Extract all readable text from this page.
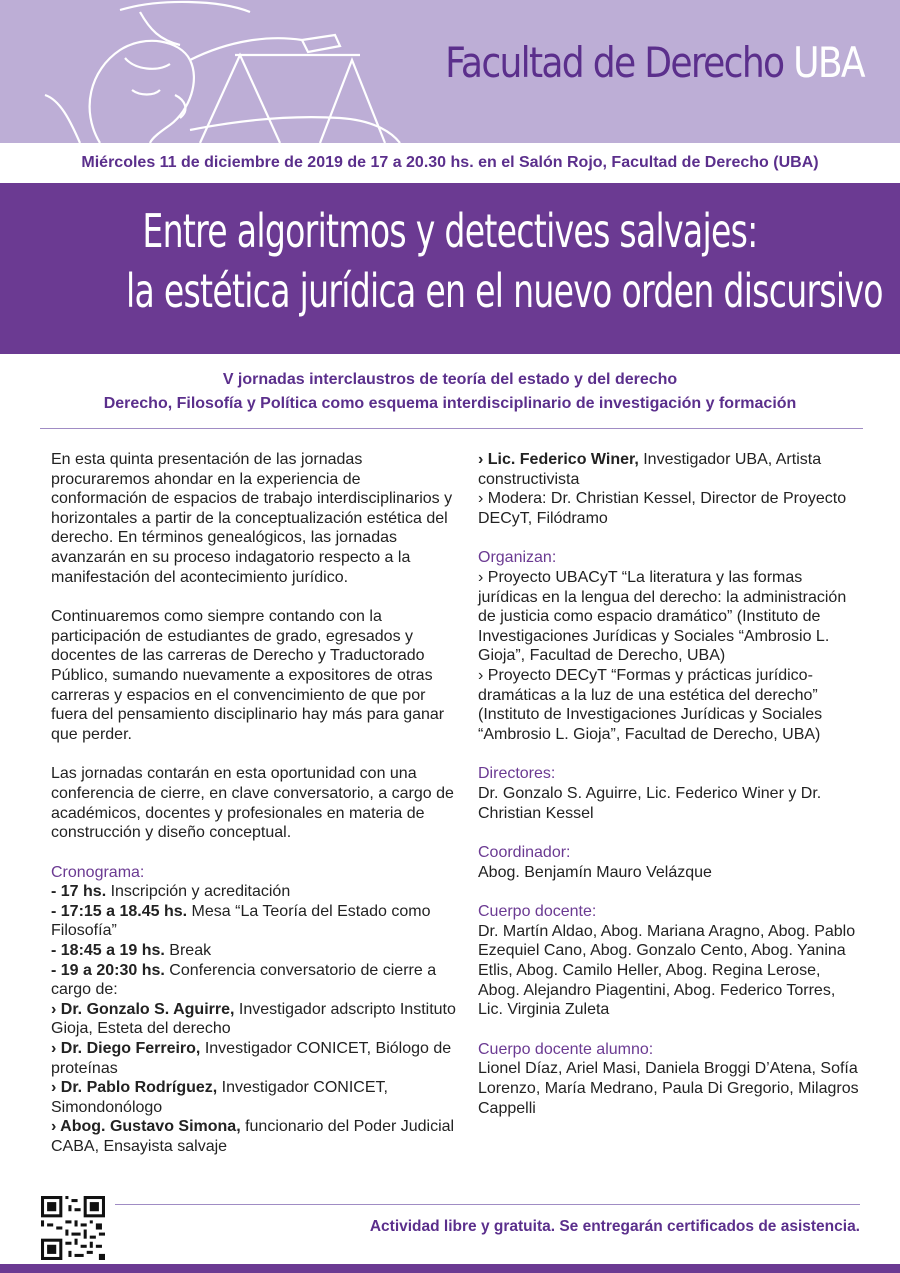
Facultad de Derecho UBA
Miércoles 11 de diciembre de 2019 de 17 a 20.30 hs. en el Salón Rojo, Facultad de Derecho (UBA)
Entre algoritmos y detectives salvajes:
la estética jurídica en el nuevo orden discursivo
V jornadas interclaustros de teoría del estado y del derecho
Derecho, Filosofía y Política como esquema interdisciplinario de investigación y formación

En esta quinta presentación de las jornadas procuraremos ahondar en la experiencia de conformación de espacios de trabajo interdisciplinarios y horizontales a partir de la conceptualización estética del derecho. En términos genealógicos, las jornadas avanzarán en su proceso indagatorio respecto a la manifestación del acontecimiento jurídico.

Continuaremos como siempre contando con la participación de estudiantes de grado, egresados y docentes de las carreras de Derecho y Traductorado Público, sumando nuevamente a expositores de otras carreras y espacios en el convencimiento de que por fuera del pensamiento disciplinario hay más para ganar que perder.

Las jornadas contarán en esta oportunidad con una conferencia de cierre, en clave conversatorio, a cargo de académicos, docentes y profesionales en materia de construcción y diseño conceptual.

Cronograma:
- 17 hs. Inscripción y acreditación
- 17:15 a 18.45 hs. Mesa “La Teoría del Estado como Filosofía”
- 18:45 a 19 hs. Break
- 19 a 20:30 hs. Conferencia conversatorio de cierre a cargo de:
› Dr. Gonzalo S. Aguirre, Investigador adscripto Instituto Gioja, Esteta del derecho
› Dr. Diego Ferreiro, Investigador CONICET, Biólogo de proteínas
› Dr. Pablo Rodríguez, Investigador CONICET, Simondonólogo
› Abog. Gustavo Simona, funcionario del Poder Judicial CABA, Ensayista salvaje
› Lic. Federico Winer, Investigador UBA, Artista constructivista

› Modera: Dr. Christian Kessel, Director de Proyecto DECyT, Filódramo

Organizan:
› Proyecto UBACyT “La literatura y las formas jurídicas en la lengua del derecho: la administración de justicia como espacio dramático” (Instituto de Investigaciones Jurídicas y Sociales “Ambrosio L. Gioja”, Facultad de Derecho, UBA)

› Proyecto DECyT “Formas y prácticas jurídico-dramáticas a la luz de una estética del derecho” (Instituto de Investigaciones Jurídicas y Sociales “Ambrosio L. Gioja”, Facultad de Derecho, UBA)

Directores:

Dr. Gonzalo S. Aguirre, Lic. Federico Winer y Dr. Christian Kessel

Coordinador:

Abog. Benjamín Mauro Velázque

Cuerpo docente:

Dr. Martín Aldao, Abog. Mariana Aragno, Abog. Pablo Ezequiel Cano, Abog. Gonzalo Cento, Abog. Yanina Etlis, Abog. Camilo Heller, Abog. Regina Lerose, Abog. Alejandro Piagentini, Abog. Federico Torres, Lic. Virginia Zuleta

Cuerpo docente alumno:

Lionel Díaz, Ariel Masi, Daniela Broggi D’Atena, Sofía Lorenzo, María Medrano, Paula Di Gregorio, Milagros Cappelli

Actividad libre y gratuita. Se entregarán certificados de asistencia.
